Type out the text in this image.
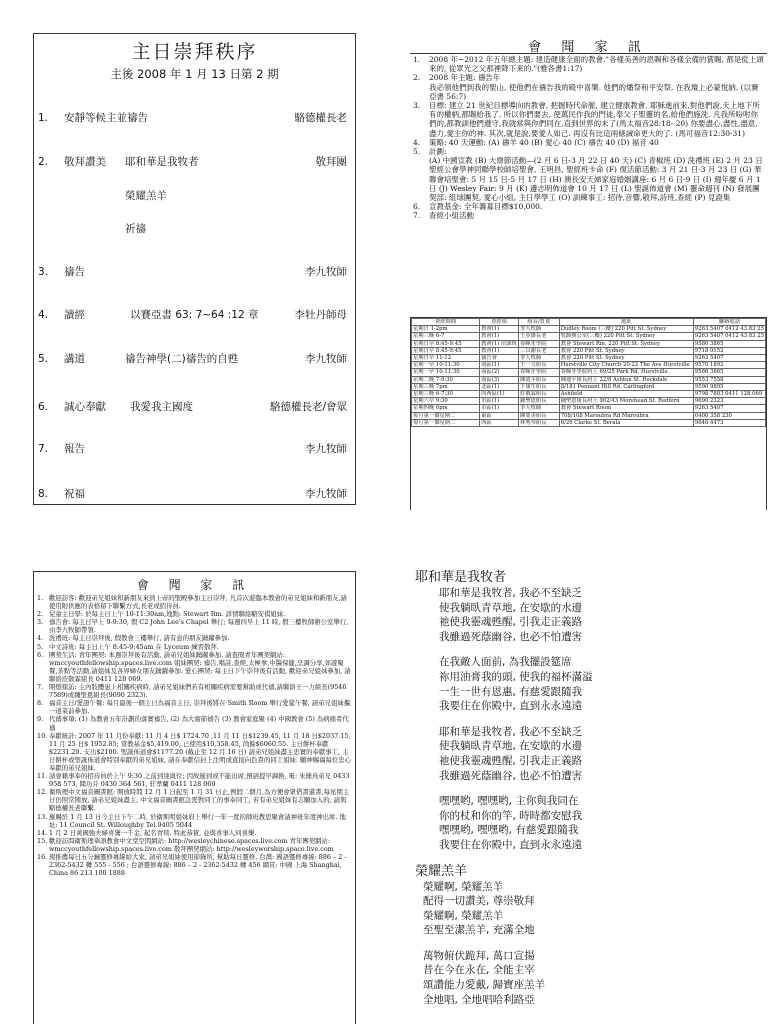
主日崇拜秩序
主後 2008 年 1 月 13 日第 2 期
1. 安靜等候主並禱告	駱德權長老
2. 敬拜讚美 耶和華是我牧者	敬拜團
榮耀羔羊
祈禱
3. 禱告	李九牧師
4. 讀經	以賽亞書 63: 7~64 :12 章	李牡丹師母
5. 講道	禱告神學(二)禱告的自甦	李九牧師
6. 誠心奉獻 我愛我主國度	駱德權長老/會眾
7. 報告	李九牧師
8. 祝福	李九牧師
會 聞 家 訊
1.	2008 年~2012 年五年總主題: 建造健康全面的教會."各樣美善的恩賜和各樣全備的賞賜, 都是從上頭來的, 從眾光之父那裡降下來的."(雅各書1:17)
2.	2008 年主題: 禱告年
我必領他們到我的聖山, 使他們在禱告我的殿中喜樂. 他們的燔祭和平安祭, 在我壇上必蒙悅納. (以賽亞書 56:7)
3.	目標: 建立 21 世紀目標導向的教會, 把握時代命脈, 建立健康教會. 耶穌進前來,對他們說,天上地下所有的權柄,都賜給我了. 所以你們要去, 使萬民作我的門徒,奉父子聖靈的名,給他們施洗. 凡我所吩咐你們的,都教訓他們遵守,我就常與你們同在,直到世界的末了(馬太福音28:18- 20) 你要盡心,盡性,盡意,盡力,愛主你的神. 其次,就是說,要愛人如己. 再沒有比這兩條誡命更大的了. (馬可福音12:30-31)
4.	策略: 40 天運動: (A) 禱羊 40 (B) 愛心 40 (C) 禱告 40 (D) 福音 40
5.	計劃:
(A) 中國宣教 (B) 大齋節活動—(2 月 6 日-3 月 22 日 40 天) (C) 青椒班 (D) 洗禮班 (E) 2 月 23 日聖經公會學神同聯學校師培聖會, 王明昌, 聖經班卡命 (F) 復活節活動: 3 月 21 日-3 月 23 日 (G) 華聯會培聖會: 5 月 15 日-5 月 17 日 (H) 澳長安天婦家庭婚姻講座: 6 月 6 日-9 日 (I) 週年慶 6 月 1 日 (J) Wesley Fair: 9 月 (K) 邊志明佈道會 10 月 17 日 (L) 聖誕佈道會 (M) 靈命週刊 (N) 發展團契部: 組球團契, 愛心小組, 主日學學工 (O) 訓練事工: 招待,音響,敬拜,詩班,查經 (P) 見證集
6.	宣教基金: 全年籌募目標$10,000.
7.	查經小組活動
查經時間	查經組	組長/負責	地址	聯絡電話
星期日 1-2pm	教會(1)	李九牧師	Dudley Room (三樓) 220 Pitt St. Sydney	9263 5407 0412 43 83 25
星期三晚 6-7	教會(1)	王亞雄長老	牧師辦公室(三樓) 220 Pitt St. Sydney	9263 5407 0412 43 83 25
星期日早 8:45-9:45	教會(1) 培訓班	春暉牙學院	教會 Stewart Rm, 220 Pitt St. Sydney	9586 3865
星期日早 8:45-9:45	教會(1)	三以謝長老	教會 220 Pitt St. Sydney	9718 0152
星期日早 11-12	禱告會	李九牧師	教會 220 Pitt St. Sydney	9263 5407
星期一早 10-11:30	南區(1)	王一力組長	Hurstville City Church 20-22 The Ave Hurstville	9570 1892
星期一早 10-11:30	南區(2)	春暉牙學院	春暉牙學院府上 69/25 Park Rd, Hurstville	9586 3865
星期二晚 7-9:30	南區(3)	陳迪平組長	陳迪平組長府上 22/8 Ashton St. Rockdale	9553 7558
星期三晚 7pm	北區(1)	下康生組長	8/181 Pennant Hill Rd. Carlingford	9590 9895
星期三晚 6-7:30	內西區(1)	莊敬霖組長	Ashfield	9798 7883 0411 128 069
星期六早 9:30	市區(1)	鍾聖恩組長	鍾聖恩組長府上 902/43 Morehead St. Redfern	9690 2323
星期四晚 6pm	市區(1)	李九牧師	教會 Stewart Room	9263 5407
每月第一個星期二	東區	陳榮美組長	708/108 Maroubra Rd Maroubra	0400 358 230
每月第一個星期二	西區	林秀琴組長	6/26 Clarke St. Berala	9646 4473
會 聞 家 訊
1. 歡迎訪客: 歡迎弟兄姐妹和新朋友來到上帝的聖殿參加主日崇拜, 凡首次蒞臨本教會的弟兄姐妹和新朋友,請使用附供應的表格留下聯繫方式,長老或招待員.
2. 兒童主日學: 於每主日上午 10-11:30am,地點: Stewart Rm. 詳情聯絡駱安祺姐妹.
3. 禱告會: 每主日早上 9-9:30, 假 C2 John Lee's Chapel 舉行; 每週四早上 11 時, 假三樓牧師辦公室舉行, 由李九牧師帶領.
4. 洗禮班: 每主日崇拜後, 假教會三樓舉行, 請有意的朋友踴躍參加.
5. 中文詩班: 每主日上午 8:45-9:45am 在 Lyceum 練習敬拜.
6. 團契生活: 青年團契: 本週崇拜後有活動, 請弟兄姐妹踴躍參加. 請查閱青年團契網站: wmccyouthfellowship.spaces.live.com 姐妹團契: 禱告,唱詩,查經,太極拳,中醫保健,烹調分享,郊遊聚餐,茶點等活動,請姐妹及各界婦女朋友踴躍參加. 愛心團契: 每主日下午崇拜後有活動, 歡迎弟兄姐妹參加, 請聯絡莊敬霖組長 0411 128 069.
7. 開燈探訪: 主內肢體患上相關疾病時, 請弟兄姐妹們若有相關疾病需要幫助或代禱,請聯絡王一力組長(9546 7589)或鍾聖恩組長(9690 2323).
8. 福音主日/愛證午餐: 每月最後一個主日為福音主日, 崇拜後將在 Smith Room 舉行愛筵午餐, 請弟兄姐妹攜一道菜前參加.
9. 代禱事項: (1) 為教會五年計劃的落實禱告, (2) 為大齋節禱告 (3) 教會家庭聚 (4) 中國教會 (5) 為病痛者代禱
10. 奉獻統計: 2007 年 11 月份奉獻: 11 月 4 日$ 1724.70 ,11 月 11 日$1239.45, 11 月 18 日$2037.15, 11 月 25 日$ 1952.85; 當教基金$5,419.00, 已使用$10,358.45, 尚餘$6060.55. 主日餅杯奉獻 $2231.20. 支出$2100. 聖誕佈道會$1177.20 (截止至 12 月 16 日) 請弟兄姐妹盡主忠實的奉獻事工, 主日餅杯或聖誕佈道會特別奉獻的弟兄姐妹, 請在奉獻信封上注明或直接向負責的同工姐妹. 願神賜福每位忠心奉獻的弟兄姐妹.
11. 請會籍事奉的招待員於上午 9:30 之前到達崗位; 因故遲到或不能出席,預請提早調換, 電: 朱簡鳥弟兄 0433 958 573, 聞功芬 0430 364 561, 莊孝蘭 0411 128 069
12. 衛斯理中文福音圖書館: 開放時間 12 月 1 日起至 1 月 31 日止,例假二個月,為方便會眾借書還書,每星期主日仍照常開放, 請弟兄姐妹盡主, 中文福音圖書館急需對同工的事奉同工, 若有弟兄姐妹有志願加入的, 請與駱德權長老聯繫.
13. 羅賜於 1 月 13 日今主日下午二時, 於衛斯明姐妹府上舉行一年一度的師班教思聚會請神班年度神出席. 地址: 11 Council St. Willoughby Tel.9405 5044
14. 1 月 2 日黃國強夫婦喜獲一千金, 起名青琰. 特此恭賀, 並與喜事人同喜樂.
15. 歡迎訪問衛斯理華語教會中文堂空間網站: http://wesleychinese.spaces.live.com 青年團契網站: wmccyouthfellowship.spaces.live.com 敬拜團契網站: http://wesleyworship.space.live.com
16. 現推薦每日五分鐘靈修專線給大家, 請弟兄姐妹使用節錄所, 幫助每日靈修. 台灣: 國語靈修專線: 886 – 2 - 2362-5432 轉 555 - 556 ; 台語靈修專線: 886 – 2 - 2362-5432 轉 456 網頁: 中國 上海 Shanghai, China 86 213 100 1888
耶和華是我牧者
耶和華是我牧者, 我必不至缺乏
使我躺臥青草地, 在安歇的水邊
祂使我靈魂甦醒, 引我走正義路
我雖過死蔭幽谷, 也必不怕遭害
在我敵人面前, 為我擺設筵席
祢用油膏我的頭, 使我的福杯滿溢
一生一世有恩惠, 有慈愛跟隨我
我要住在你殿中, 直到永永遠遠
耶和華是我牧者, 我必不至缺乏
使我躺臥青草地, 在安歇的水邊
祂使我靈魂甦醒, 引我走正義路
我雖過死蔭幽谷, 也必不怕遭害
嘿嘿哟, 嘿嘿哟, 主你與我同在
你的杖和你的竿, 時時都安慰我
嘿嘿哟, 嘿嘿哟, 有慈愛跟隨我
我要住在你殿中, 直到永永遠遠
榮耀羔羊
榮耀啊, 榮耀羔羊
配得一切讚美, 尊崇敬拜
榮耀啊, 榮耀羔羊
至聖至潔羔羊, 充滿全地
萬物俯伏跪拜, 萬口宣揚
昔在今在永在, 全能主宰
頌讚能力愛戴, 歸寶座羔羊
全地唱, 全地唱哈利路亞
